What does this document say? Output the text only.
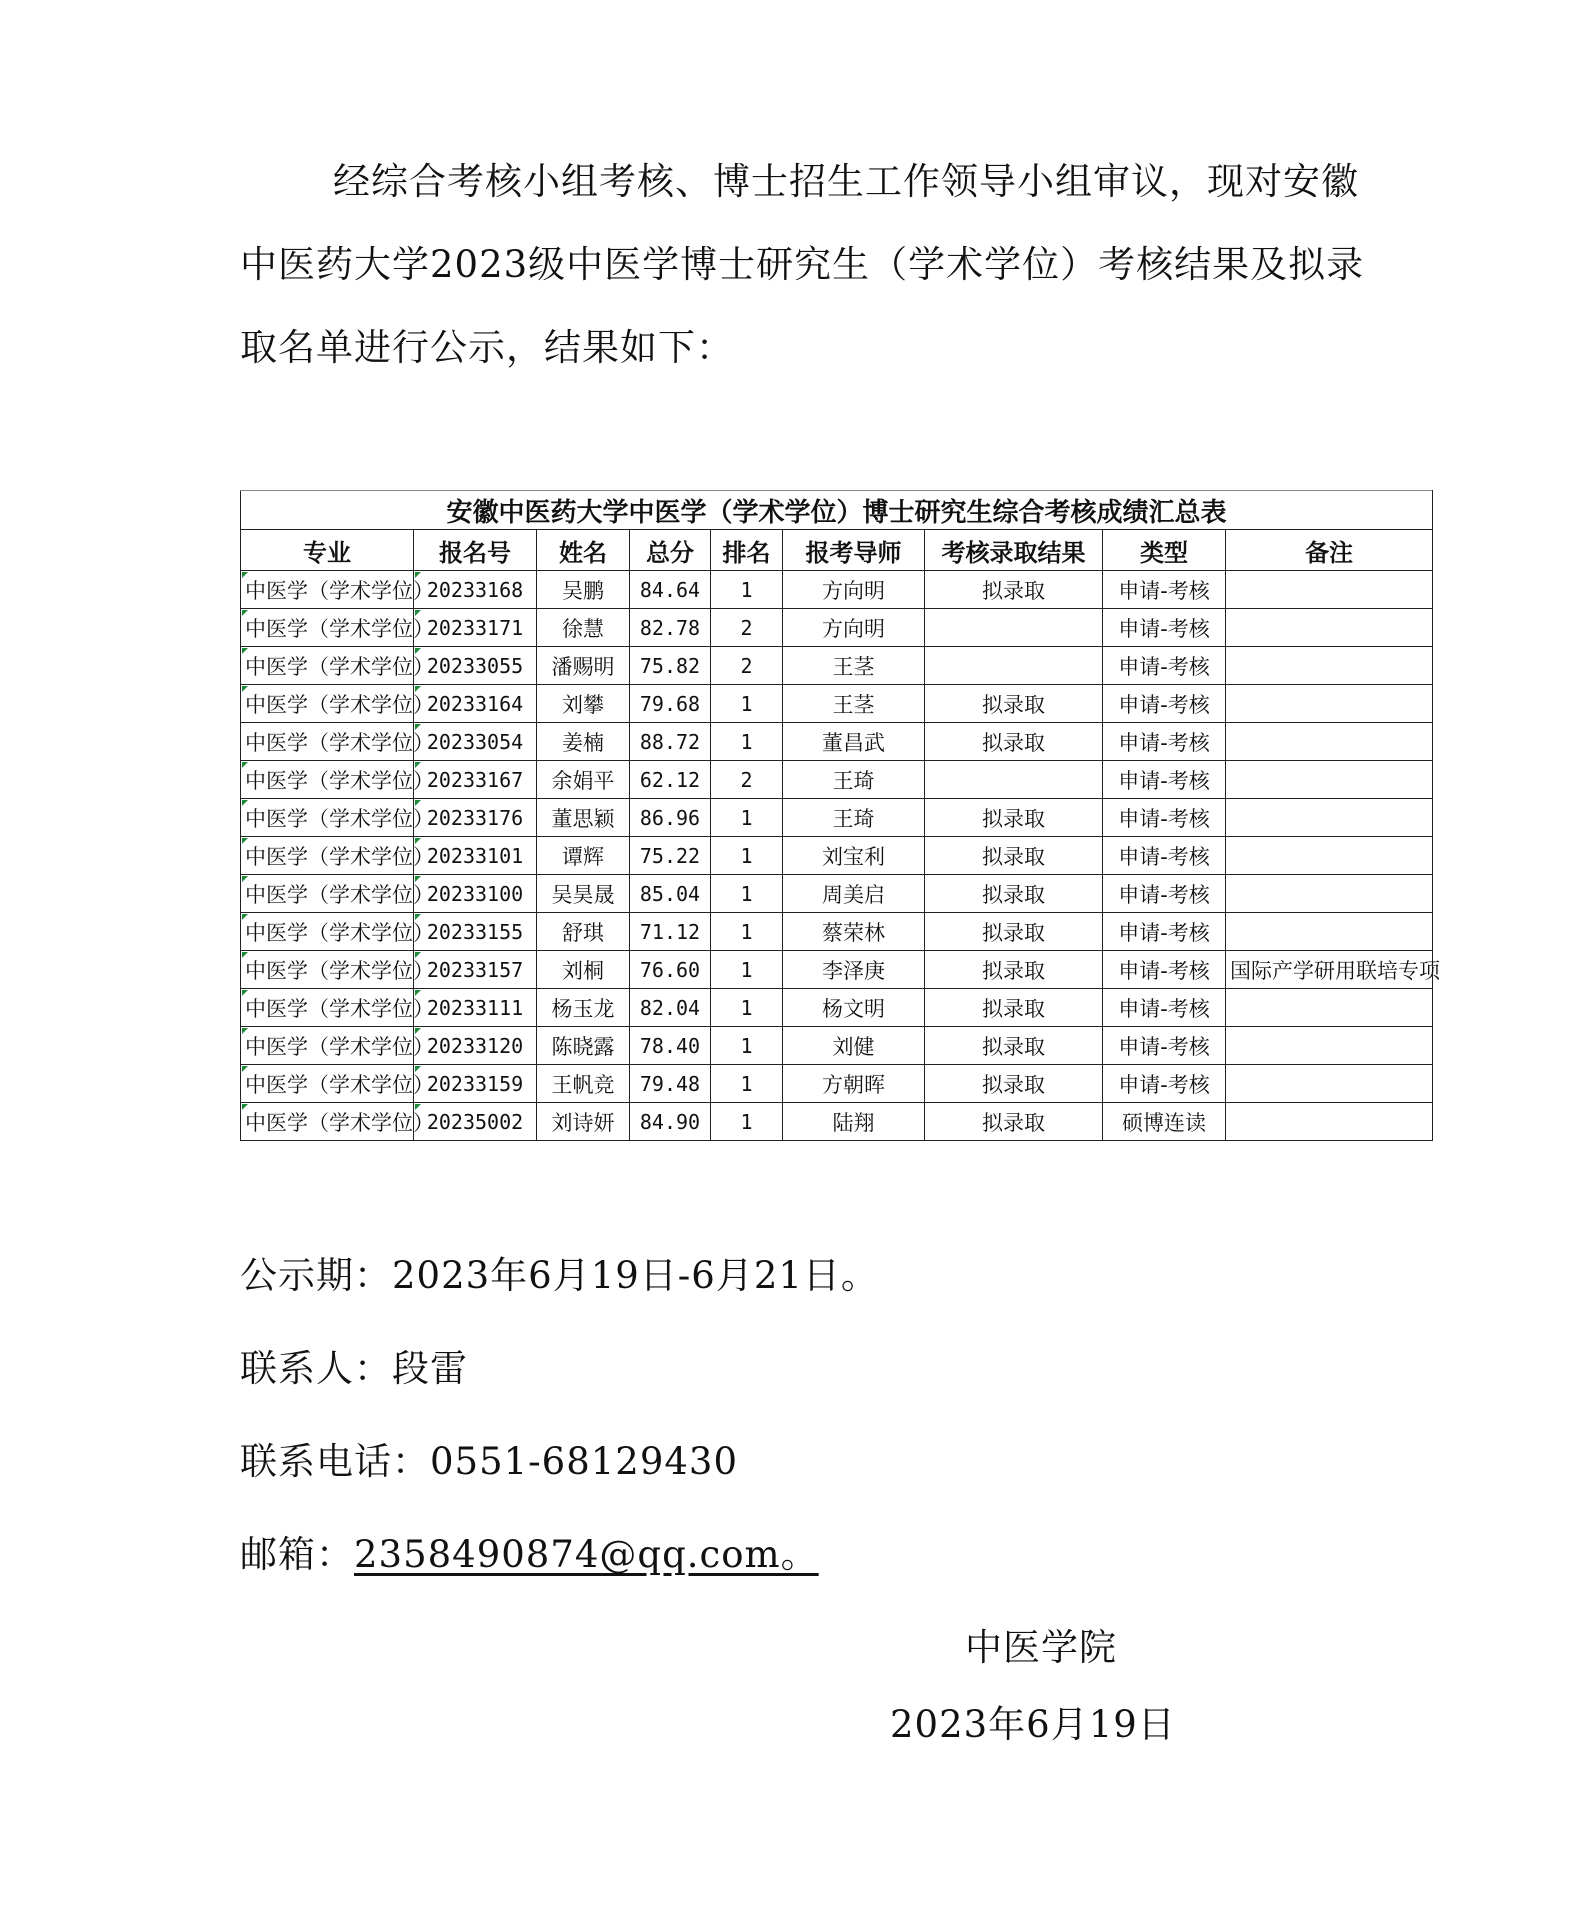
经综合考核小组考核、博士招生工作领导小组审议，现对安徽
中医药大学2023级中医学博士研究生（学术学位）考核结果及拟录
取名单进行公示，结果如下：
安徽中医药大学中医学（学术学位）博士研究生综合考核成绩汇总表								
专业	报名号	姓名	总分	排名	报考导师	考核录取结果	类型	备注
中医学（学术学位）	20233168	吴鹏	84.64	1	方向明	拟录取	申请-考核	
中医学（学术学位）	20233171	徐慧	82.78	2	方向明		申请-考核	
中医学（学术学位）	20233055	潘赐明	75.82	2	王茎		申请-考核	
中医学（学术学位）	20233164	刘攀	79.68	1	王茎	拟录取	申请-考核	
中医学（学术学位）	20233054	姜楠	88.72	1	董昌武	拟录取	申请-考核	
中医学（学术学位）	20233167	余娟平	62.12	2	王琦		申请-考核	
中医学（学术学位）	20233176	董思颖	86.96	1	王琦	拟录取	申请-考核	
中医学（学术学位）	20233101	谭辉	75.22	1	刘宝利	拟录取	申请-考核	
中医学（学术学位）	20233100	吴昊晟	85.04	1	周美启	拟录取	申请-考核	
中医学（学术学位）	20233155	舒琪	71.12	1	蔡荣林	拟录取	申请-考核	
中医学（学术学位）	20233157	刘桐	76.60	1	李泽庚	拟录取	申请-考核	国际产学研用联培专项
中医学（学术学位）	20233111	杨玉龙	82.04	1	杨文明	拟录取	申请-考核	
中医学（学术学位）	20233120	陈晓露	78.40	1	刘健	拟录取	申请-考核	
中医学（学术学位）	20233159	王帆竞	79.48	1	方朝晖	拟录取	申请-考核	
中医学（学术学位）	20235002	刘诗妍	84.90	1	陆翔	拟录取	硕博连读	
公示期：2023年6月19日-6月21日。
联系人：段雷
联系电话：0551-68129430
邮箱：2358490874@qq.com。
中医学院
2023年6月19日
